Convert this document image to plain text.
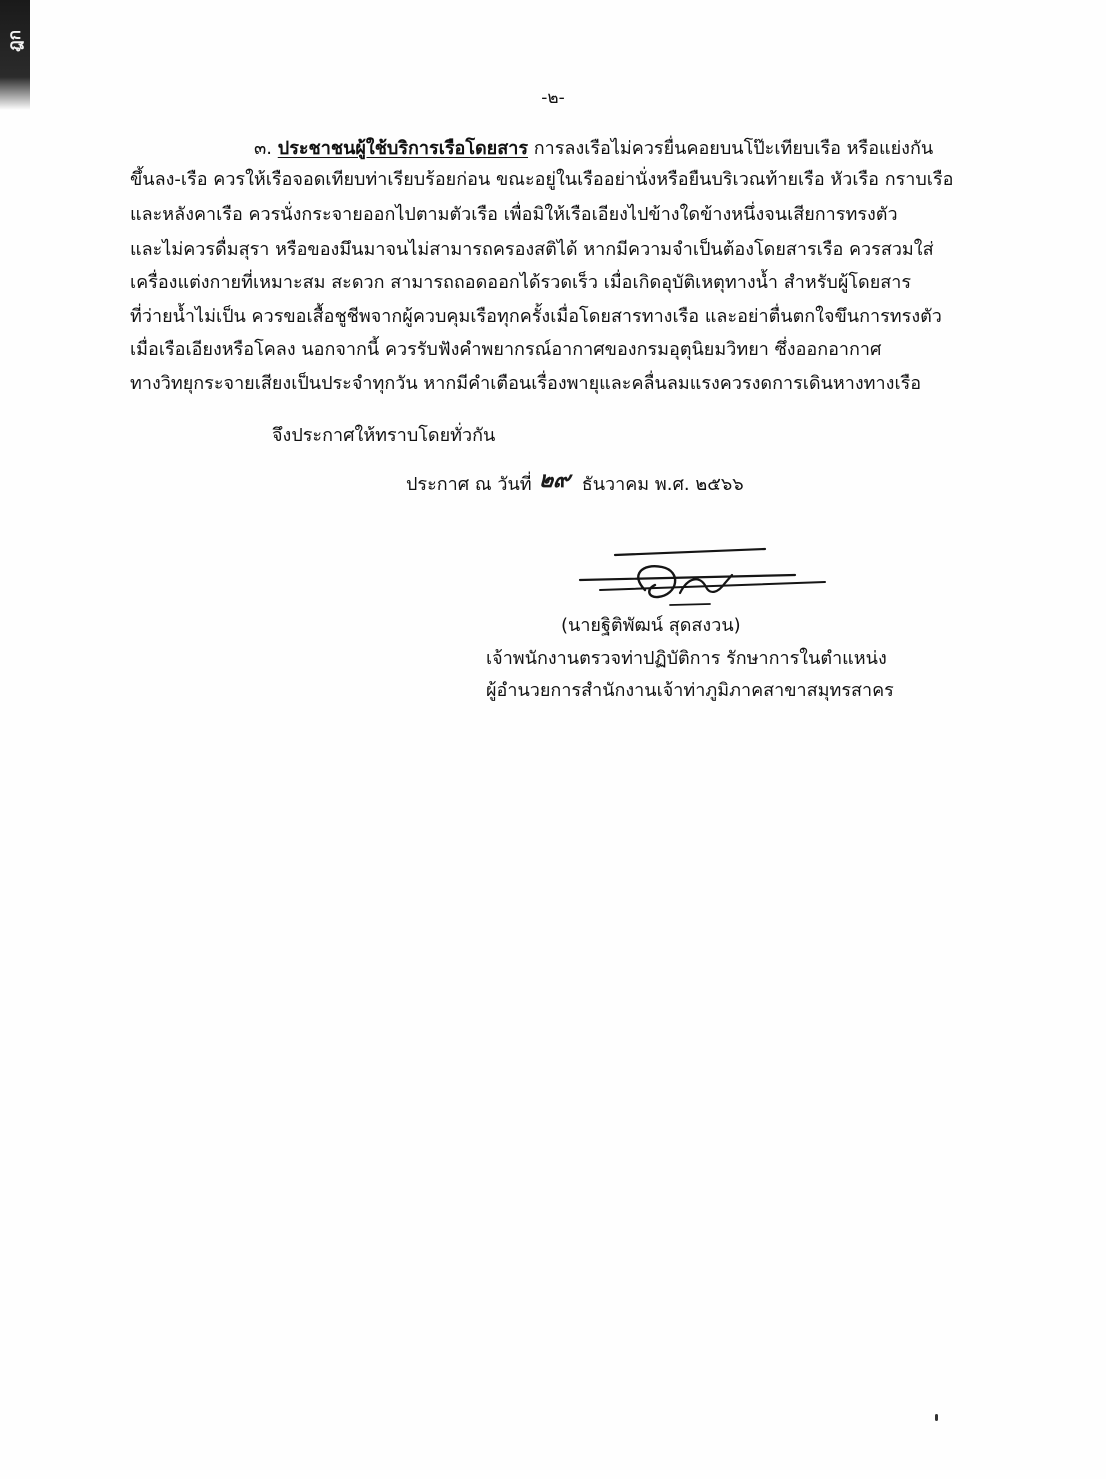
ฎก
-๒-
๓. ประชาชนผู้ใช้บริการเรือโดยสาร การลงเรือไม่ควรยื่นคอยบนโป๊ะเทียบเรือ หรือแย่งกัน
ขึ้นลง-เรือ ควรให้เรือจอดเทียบท่าเรียบร้อยก่อน ขณะอยู่ในเรืออย่านั่งหรือยืนบริเวณท้ายเรือ หัวเรือ กราบเรือ
และหลังคาเรือ ควรนั่งกระจายออกไปตามตัวเรือ เพื่อมิให้เรือเอียงไปข้างใดข้างหนึ่งจนเสียการทรงตัว
และไม่ควรดื่มสุรา หรือของมึนมาจนไม่สามารถครองสติได้ หากมีความจำเป็นต้องโดยสารเรือ ควรสวมใส่
เครื่องแต่งกายที่เหมาะสม สะดวก สามารถถอดออกได้รวดเร็ว เมื่อเกิดอุบัติเหตุทางน้ำ สำหรับผู้โดยสาร
ที่ว่ายน้ำไม่เป็น ควรขอเสื้อชูชีพจากผู้ควบคุมเรือทุกครั้งเมื่อโดยสารทางเรือ และอย่าตื่นตกใจขึนการทรงตัว
เมื่อเรือเอียงหรือโคลง นอกจากนี้ ควรรับฟังคำพยากรณ์อากาศของกรมอุตุนิยมวิทยา ซึ่งออกอากาศ
ทางวิทยุกระจายเสียงเป็นประจำทุกวัน หากมีคำเตือนเรื่องพายุและคลื่นลมแรงควรงดการเดินหางทางเรือ
จึงประกาศให้ทราบโดยทั่วกัน
ประกาศ ณ วันที่ ๒๙ ธันวาคม พ.ศ. ๒๕๖๖
(นายฐิติพัฒน์ สุดสงวน)
เจ้าพนักงานตรวจท่าปฏิบัติการ รักษาการในตำแหน่ง
ผู้อำนวยการสำนักงานเจ้าท่าภูมิภาคสาขาสมุทรสาคร
